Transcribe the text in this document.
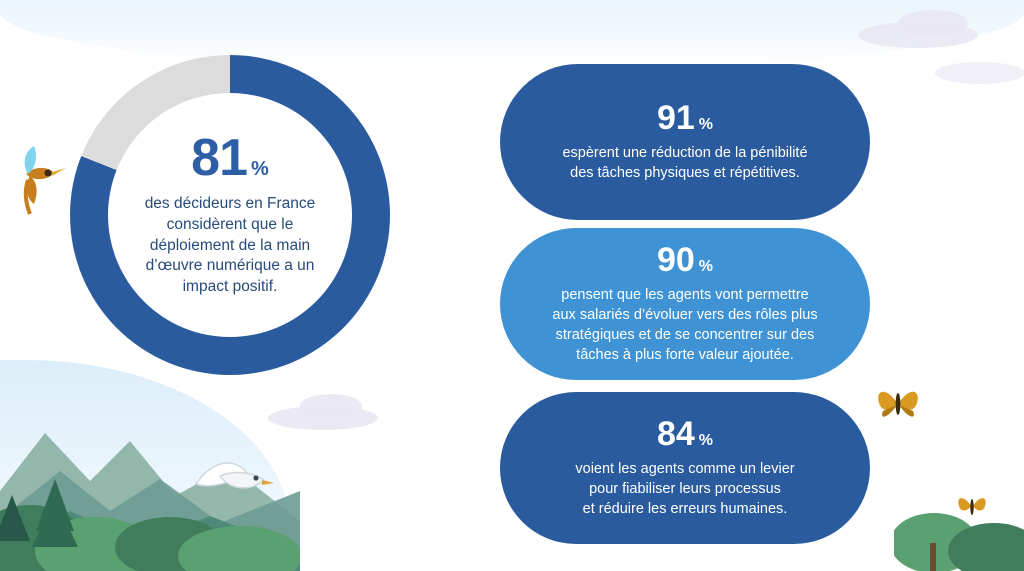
81 %
des décideurs en France
considèrent que le
déploiement de la main
d’œuvre numérique a un
impact positif.
91 %
espèrent une réduction de la pénibilité
des tâches physiques et répétitives.
90 %
pensent que les agents vont permettre
aux salariés d’évoluer vers des rôles plus
stratégiques et de se concentrer sur des
tâches à plus forte valeur ajoutée.
84 %
voient les agents comme un levier
pour fiabiliser leurs processus
et réduire les erreurs humaines.
